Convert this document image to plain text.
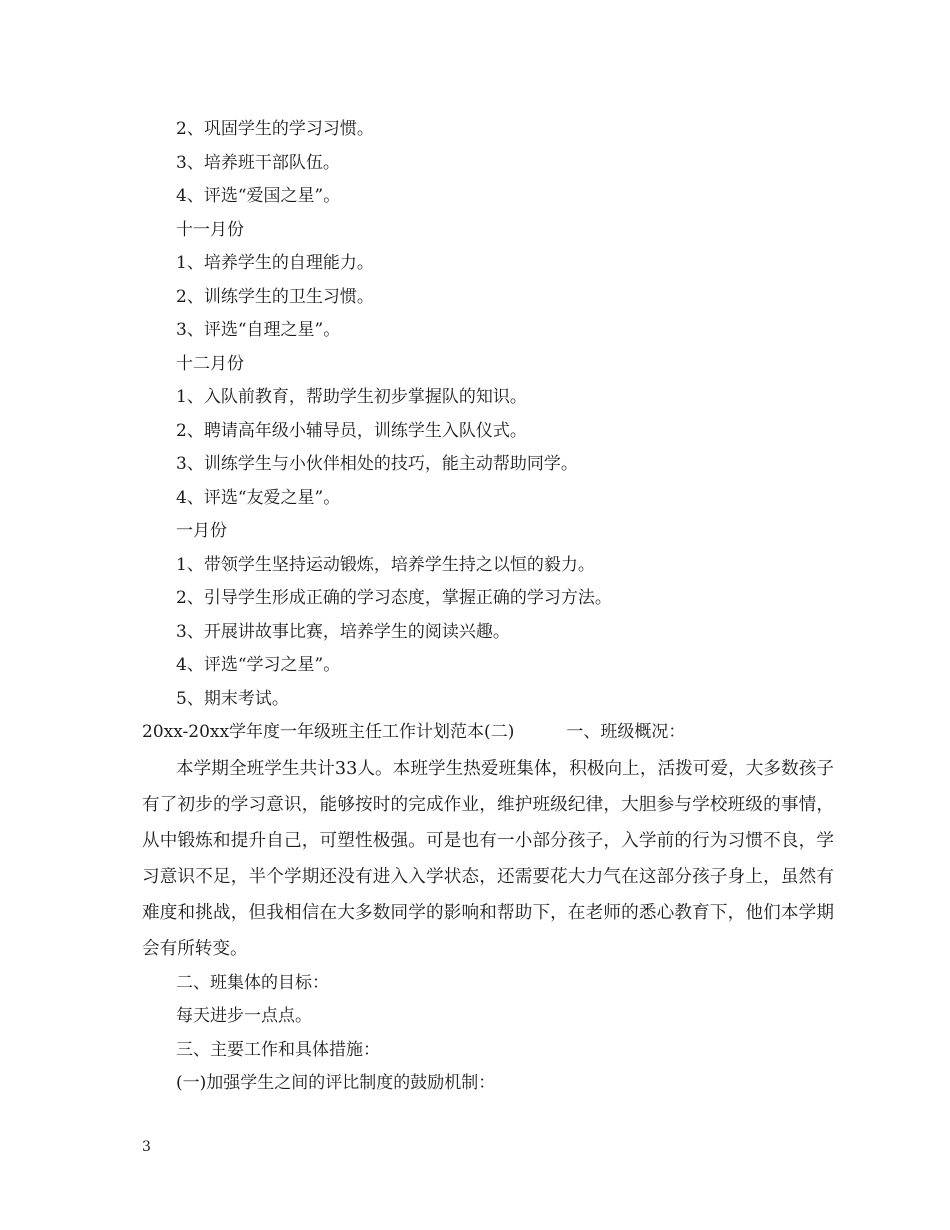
2、巩固学生的学习习惯。
3、培养班干部队伍。
4、评选“爱国之星”。
十一月份
1、培养学生的自理能力。
2、训练学生的卫生习惯。
3、评选“自理之星”。
十二月份
1、入队前教育，帮助学生初步掌握队的知识。
2、聘请高年级小辅导员，训练学生入队仪式。
3、训练学生与小伙伴相处的技巧，能主动帮助同学。
4、评选“友爱之星”。
一月份
1、带领学生坚持运动锻炼，培养学生持之以恒的毅力。
2、引导学生形成正确的学习态度，掌握正确的学习方法。
3、开展讲故事比赛，培养学生的阅读兴趣。
4、评选“学习之星”。
5、期末考试。
20xx-20xx学年度一年级班主任工作计划范本(二)	一、班级概况：
本学期全班学生共计33人。本班学生热爱班集体，积极向上，活拨可爱，大多数孩子有了初步的学习意识，能够按时的完成作业，维护班级纪律，大胆参与学校班级的事情，从中锻炼和提升自己，可塑性极强。可是也有一小部分孩子，入学前的行为习惯不良，学习意识不足，半个学期还没有进入入学状态，还需要花大力气在这部分孩子身上，虽然有难度和挑战，但我相信在大多数同学的影响和帮助下，在老师的悉心教育下，他们本学期会有所转变。
二、班集体的目标：
每天进步一点点。
三、主要工作和具体措施：
(一)加强学生之间的评比制度的鼓励机制：
3
